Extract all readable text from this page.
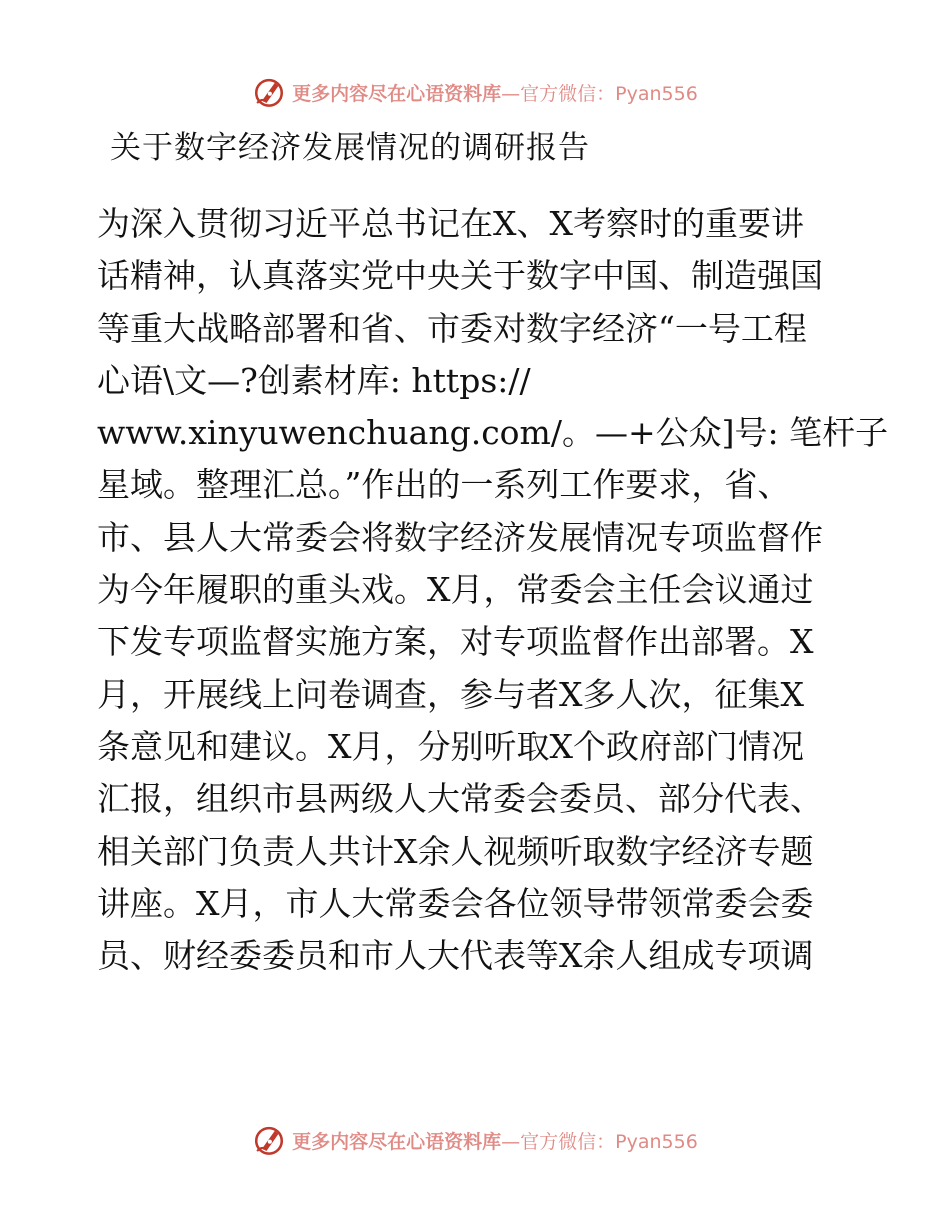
更多内容尽在心语资料库—官方微信：Pyan556
关于数字经济发展情况的调研报告
为深入贯彻习近平总书记在X、X考察时的重要讲
话精神，认真落实党中央关于数字中国、制造强国
等重大战略部署和省、市委对数字经济“一号工程
心语\文—?创素材库: https://
www.xinyuwenchuang.com/。—+公众]号: 笔杆子
星域。整理汇总。”作出的一系列工作要求，省、
市、县人大常委会将数字经济发展情况专项监督作
为今年履职的重头戏。X月，常委会主任会议通过
下发专项监督实施方案，对专项监督作出部署。X
月，开展线上问卷调查，参与者X多人次，征集X
条意见和建议。X月，分别听取X个政府部门情况
汇报，组织市县两级人大常委会委员、部分代表、
相关部门负责人共计X余人视频听取数字经济专题
讲座。X月，市人大常委会各位领导带领常委会委
员、财经委委员和市人大代表等X余人组成专项调
更多内容尽在心语资料库—官方微信：Pyan556
